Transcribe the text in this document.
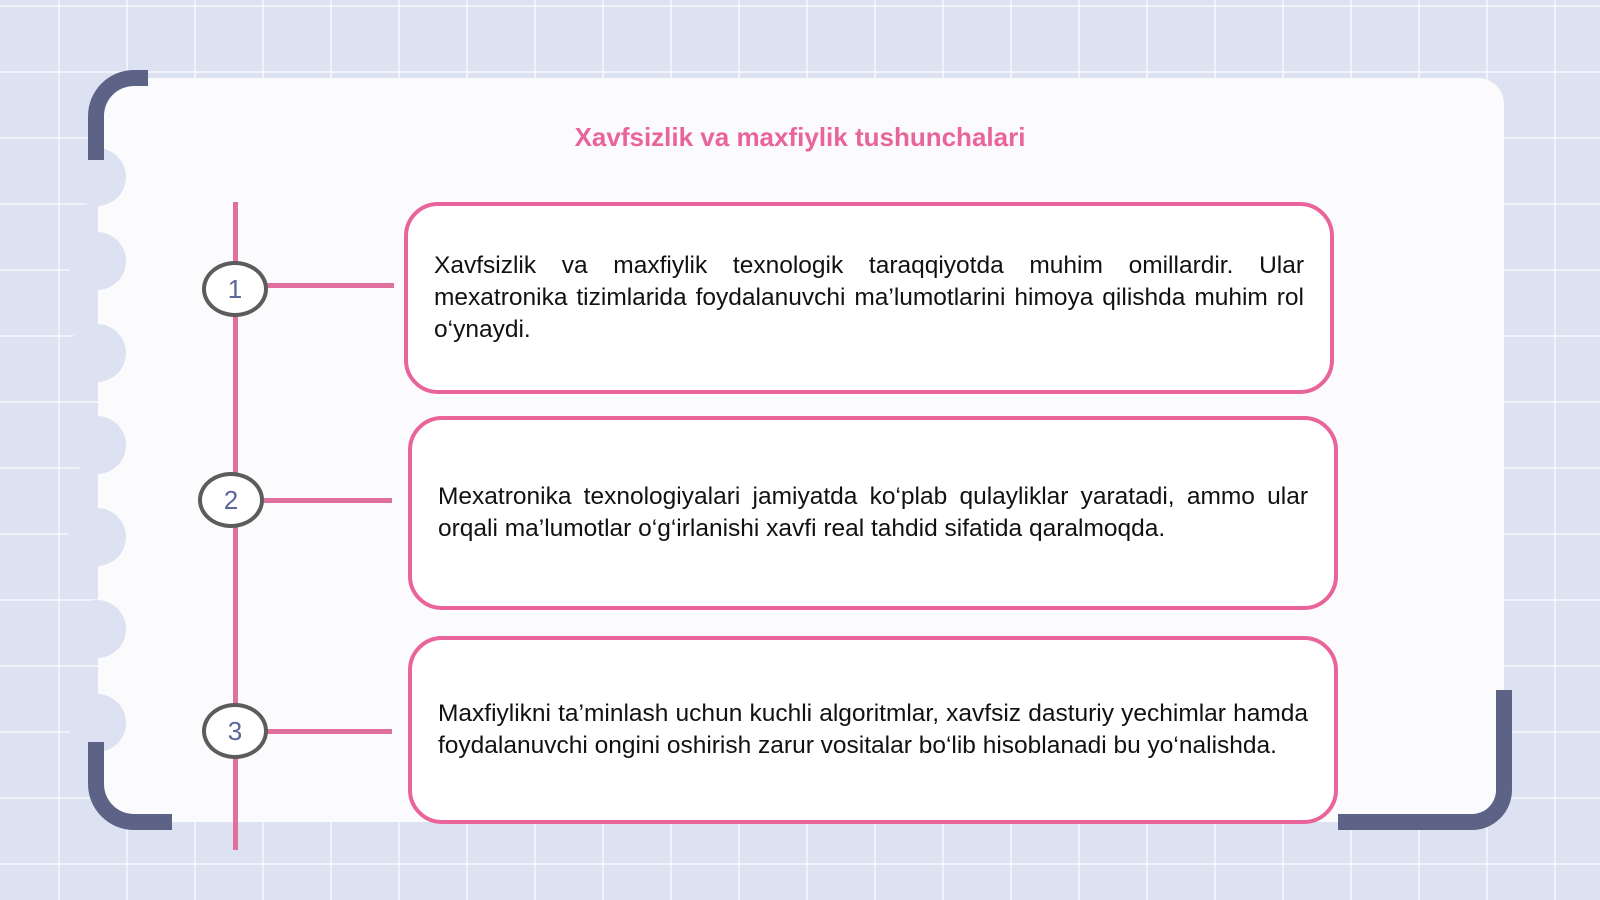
Xavfsizlik va maxfiylik tushunchalari
1
2
3

Xavfsizlik va maxfiylik texnologik taraqqiyotda muhim omillardir. Ular mexatronika tizimlarida foydalanuvchi ma’lumotlarini himoya qilishda muhim rol o‘ynaydi.

Mexatronika texnologiyalari jamiyatda ko‘plab qulayliklar yaratadi, ammo ular orqali ma’lumotlar o‘g‘irlanishi xavfi real tahdid sifatida qaralmoqda.

Maxfiylikni ta’minlash uchun kuchli algoritmlar, xavfsiz dasturiy yechimlar hamda foydalanuvchi ongini oshirish zarur vositalar bo‘lib hisoblanadi bu yo‘nalishda.
